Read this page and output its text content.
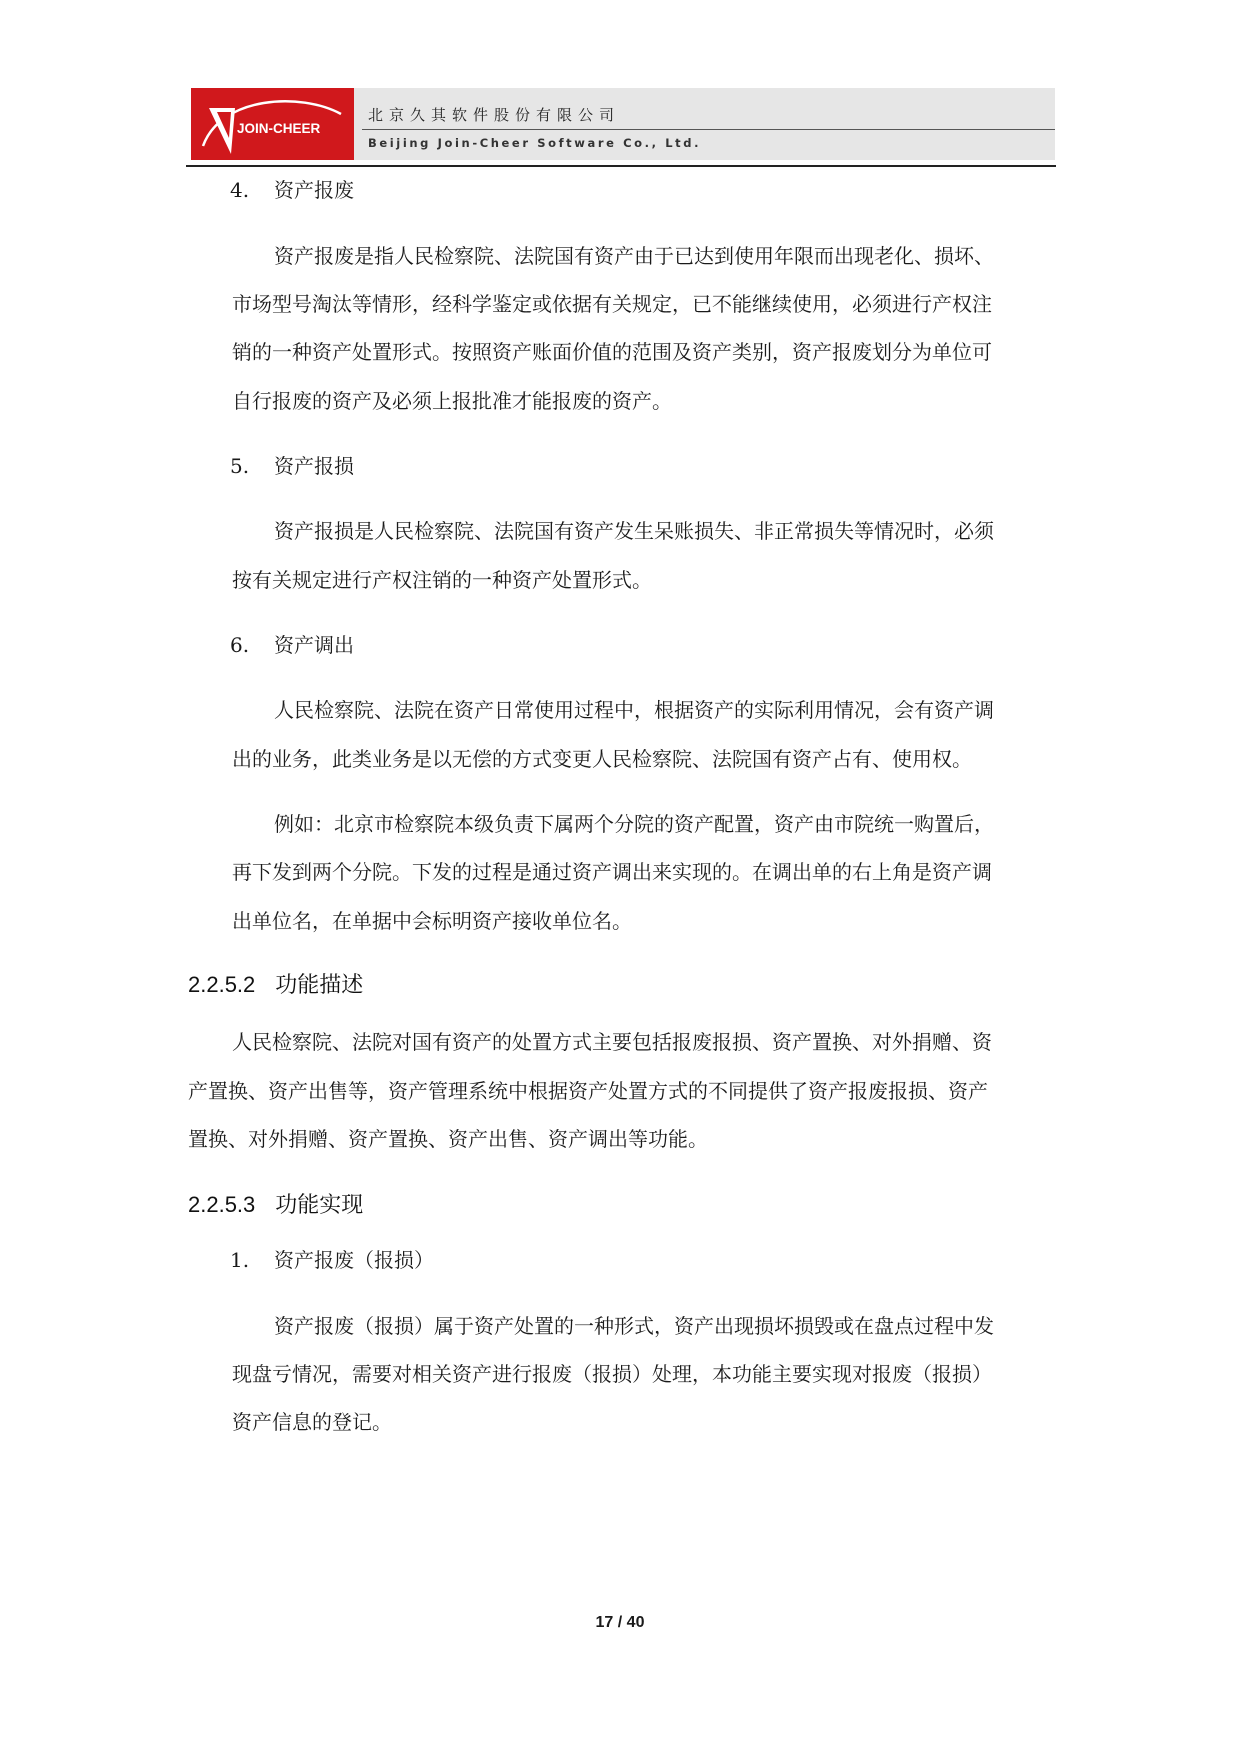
JOIN-CHEER
北京久其软件股份有限公司
Beijing Join-Cheer Software Co., Ltd.
4. 资产报废
资产报废是指人民检察院、法院国有资产由于已达到使用年限而出现老化、损坏、
市场型号淘汰等情形，经科学鉴定或依据有关规定，已不能继续使用，必须进行产权注
销的一种资产处置形式。按照资产账面价值的范围及资产类别，资产报废划分为单位可
自行报废的资产及必须上报批准才能报废的资产。
5. 资产报损
资产报损是人民检察院、法院国有资产发生呆账损失、非正常损失等情况时，必须
按有关规定进行产权注销的一种资产处置形式。
6. 资产调出
人民检察院、法院在资产日常使用过程中，根据资产的实际利用情况，会有资产调
出的业务，此类业务是以无偿的方式变更人民检察院、法院国有资产占有、使用权。
例如：北京市检察院本级负责下属两个分院的资产配置，资产由市院统一购置后，
再下发到两个分院。下发的过程是通过资产调出来实现的。在调出单的右上角是资产调
出单位名，在单据中会标明资产接收单位名。
2.2.5.2 功能描述
人民检察院、法院对国有资产的处置方式主要包括报废报损、资产置换、对外捐赠、资
产置换、资产出售等，资产管理系统中根据资产处置方式的不同提供了资产报废报损、资产
置换、对外捐赠、资产置换、资产出售、资产调出等功能。
2.2.5.3 功能实现
1. 资产报废（报损）
资产报废（报损）属于资产处置的一种形式，资产出现损坏损毁或在盘点过程中发
现盘亏情况，需要对相关资产进行报废（报损）处理，本功能主要实现对报废（报损）
资产信息的登记。
17 / 40
